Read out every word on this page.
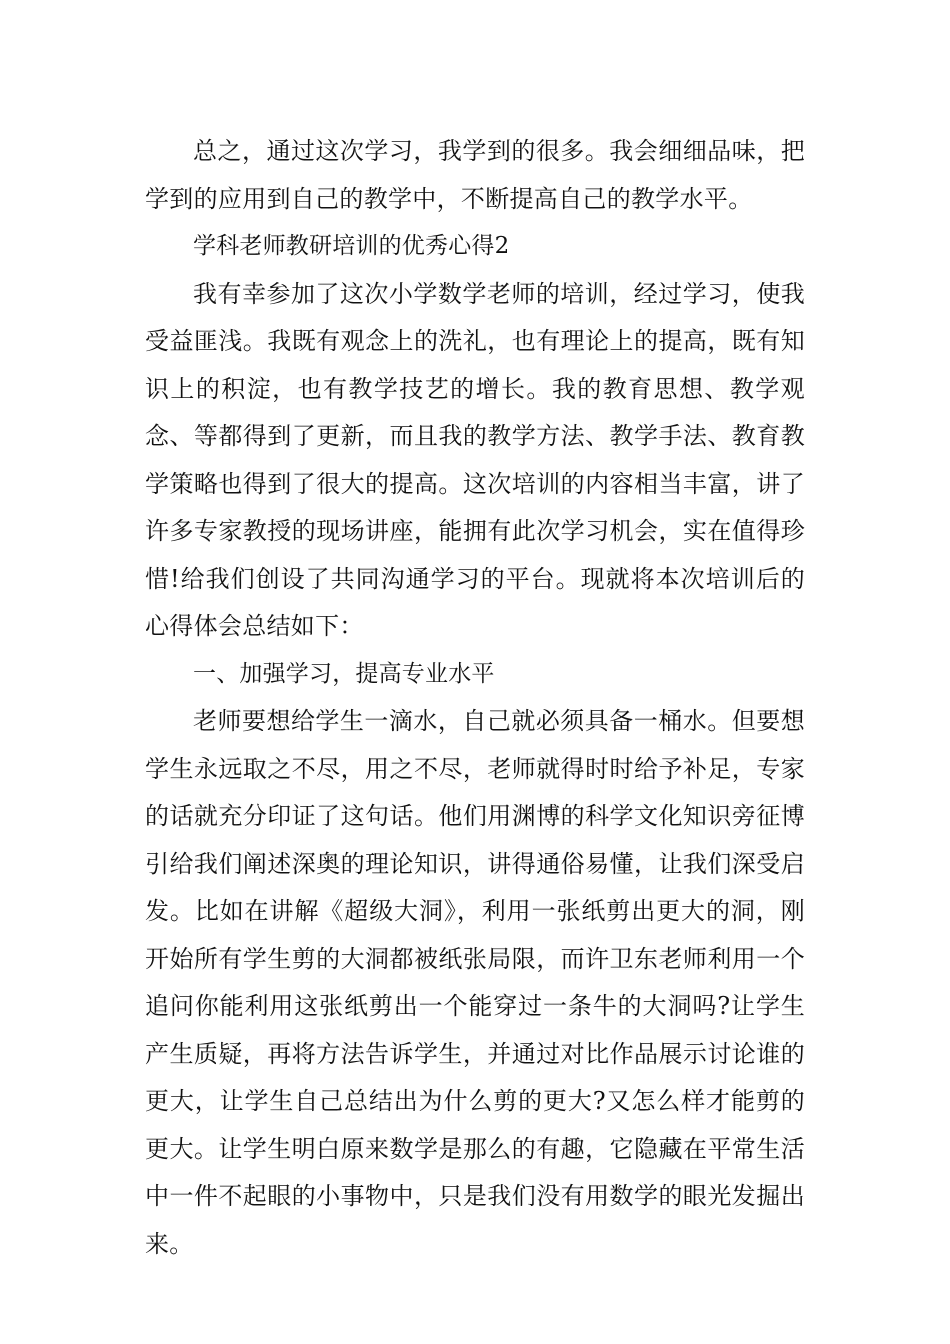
总之，通过这次学习，我学到的很多。我会细细品味，把学到的应用到自己的教学中，不断提高自己的教学水平。

学科老师教研培训的优秀心得2

我有幸参加了这次小学数学老师的培训，经过学习，使我受益匪浅。我既有观念上的洗礼，也有理论上的提高，既有知识上的积淀，也有教学技艺的增长。我的教育思想、教学观念、等都得到了更新，而且我的教学方法、教学手法、教育教学策略也得到了很大的提高。这次培训的内容相当丰富，讲了许多专家教授的现场讲座，能拥有此次学习机会，实在值得珍惜!给我们创设了共同沟通学习的平台。现就将本次培训后的心得体会总结如下：

一、加强学习，提高专业水平

老师要想给学生一滴水，自己就必须具备一桶水。但要想学生永远取之不尽，用之不尽，老师就得时时给予补足，专家的话就充分印证了这句话。他们用渊博的科学文化知识旁征博引给我们阐述深奥的理论知识，讲得通俗易懂，让我们深受启发。比如在讲解《超级大洞》，利用一张纸剪出更大的洞，刚开始所有学生剪的大洞都被纸张局限，而许卫东老师利用一个追问你能利用这张纸剪出一个能穿过一条牛的大洞吗?让学生产生质疑，再将方法告诉学生，并通过对比作品展示讨论谁的更大，让学生自己总结出为什么剪的更大?又怎么样才能剪的更大。让学生明白原来数学是那么的有趣，它隐藏在平常生活中一件不起眼的小事物中，只是我们没有用数学的眼光发掘出来。
